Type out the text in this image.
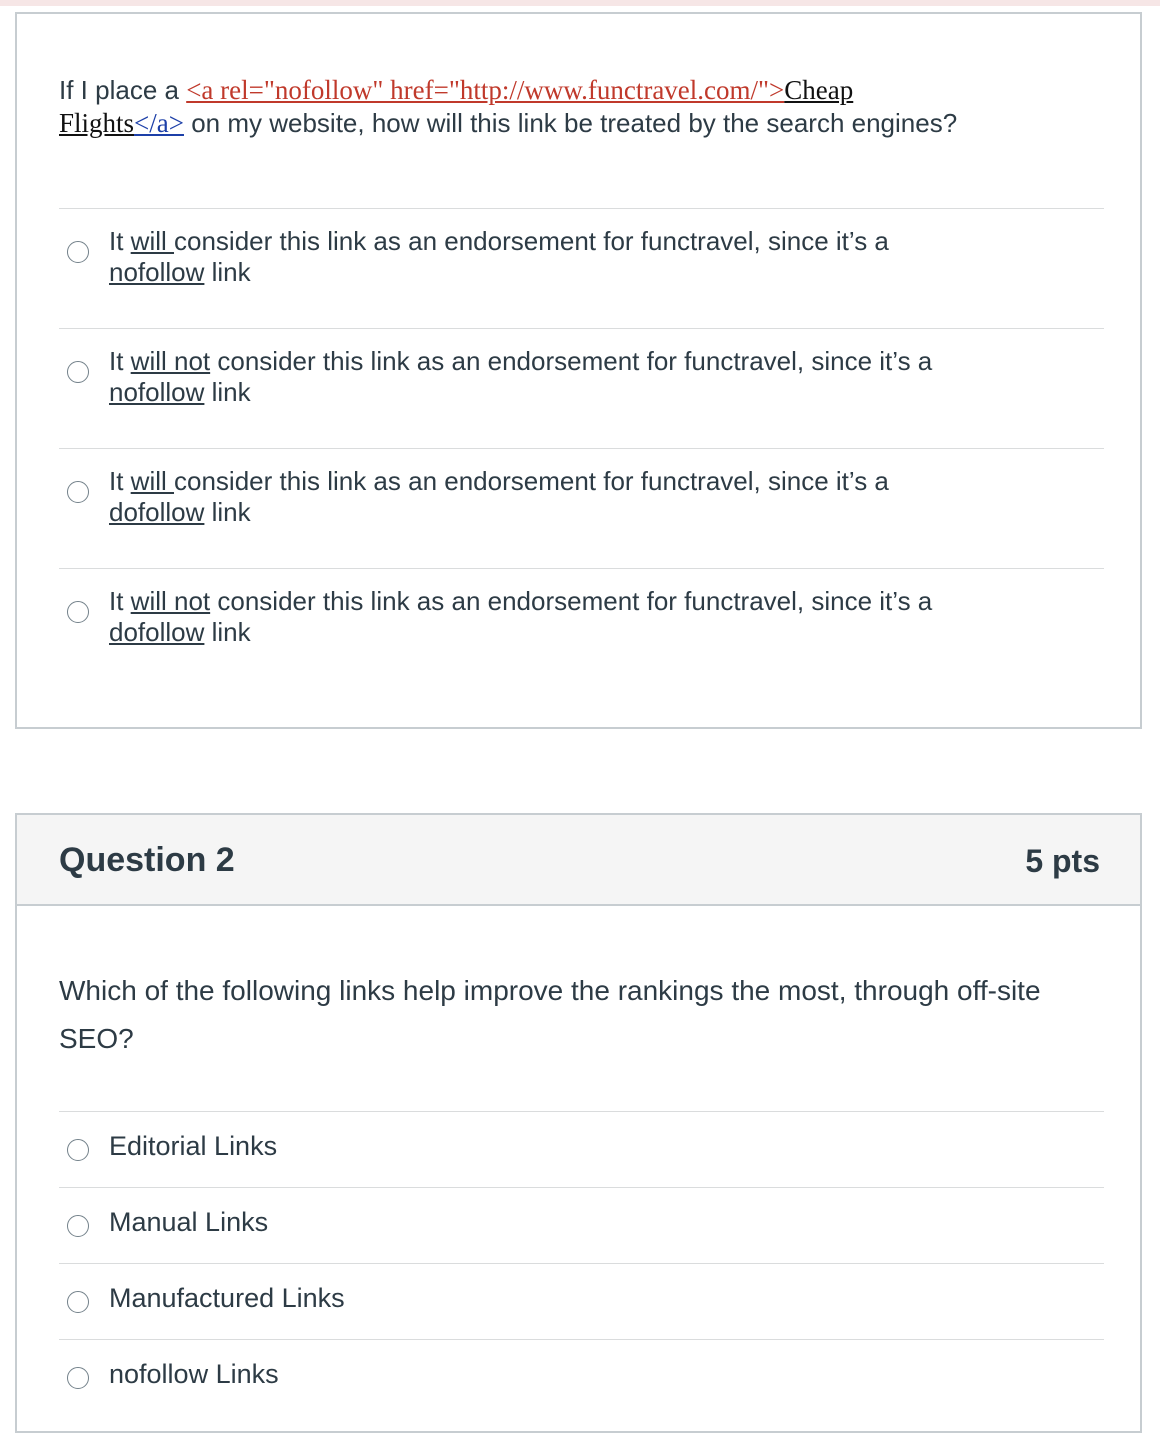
If I place a <a rel="nofollow" href="http://www.functravel.com/">Cheap
Flights</a> on my website, how will this link be treated by the search engines?
It will consider this link as an endorsement for functravel, since it’s a
nofollow link
It will not consider this link as an endorsement for functravel, since it’s a
nofollow link
It will consider this link as an endorsement for functravel, since it’s a
dofollow link
It will not consider this link as an endorsement for functravel, since it’s a
dofollow link
Question 2	5 pts
Which of the following links help improve the rankings the most, through off-site SEO?
Editorial Links
Manual Links
Manufactured Links
nofollow Links
